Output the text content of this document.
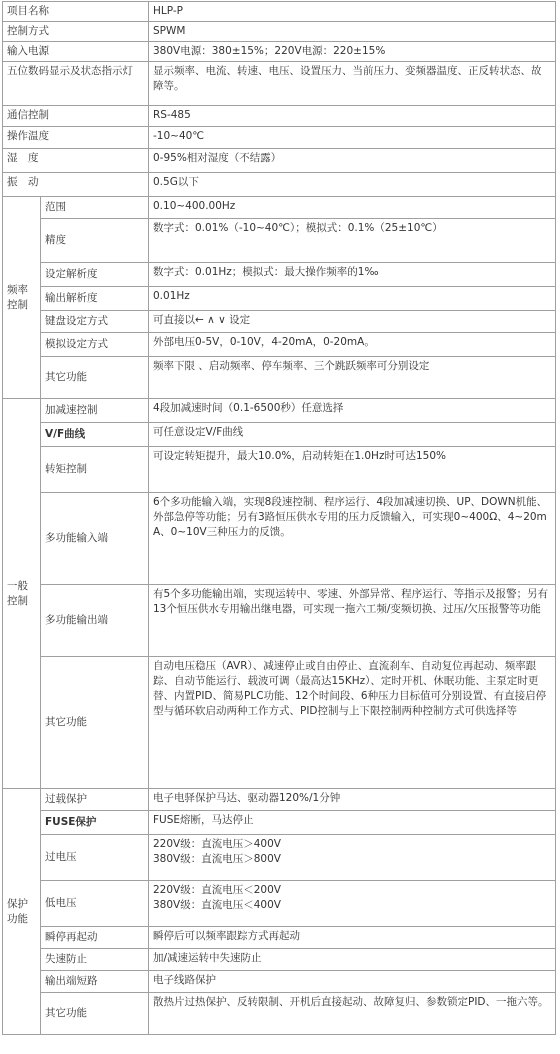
项目名称		HLP-P
控制方式		SPWM
输入电源		380V电源：380±15%；220V电源：220±15%
五位数码显示及状态指示灯		显示频率、电流、转速、电压、设置压力、当前压力、变频器温度、正反转状态、故障等。
通信控制		RS-485
操作温度		-10~40℃
湿　度		0-95%相对湿度（不结露）
振　动		0.5G以下
频率控制	范围	0.10~400.00Hz
	精度	数字式：0.01%（-10~40℃）；模拟式：0.1%（25±10℃）
	设定解析度	数字式：0.01Hz；模拟式：最大操作频率的1‰
	输出解析度	0.01Hz
	键盘设定方式	可直接以← ∧ ∨ 设定
	模拟设定方式	外部电压0-5V，0-10V，4-20mA，0-20mA。
	其它功能	频率下限 、启动频率、停车频率、三个跳跃频率可分别设定
一般控制	加减速控制	4段加减速时间（0.1-6500秒）任意选择
	V/F曲线	可任意设定V/F曲线
	转矩控制	可设定转矩提升，最大10.0%，启动转矩在1.0Hz时可达150%
	多功能输入端	6个多功能输入端，实现8段速控制、程序运行、4段加减速切换、UP、DOWN机能、外部急停等功能；另有3路恒压供水专用的压力反馈输入，可实现0~400Ω、4~20mA、0~10V三种压力的反馈。
	多功能输出端	有5个多功能输出端，实现运转中、零速、外部异常、程序运行、等指示及报警；另有13个恒压供水专用输出继电器，可实现一拖六工频/变频切换、过压/欠压报警等功能
	其它功能	自动电压稳压（AVR）、减速停止或自由停止、直流刹车、自动复位再起动、频率跟踪、自动节能运行、载波可调（最高达15KHz）、定时开机、休眠功能、主泵定时更替、内置PID、简易PLC功能、12个时间段、6种压力目标值可分别设置、有直接启停型与循环软启动两种工作方式、PID控制与上下限控制两种控制方式可供选择等
保护功能	过载保护	电子电驿保护马达、驱动器120%/1分钟
	FUSE保护	FUSE熔断，马达停止
	过电压	220V级：直流电压＞400V
380V级：直流电压＞800V
	低电压	220V级：直流电压＜200V
380V级：直流电压＜400V
	瞬停再起动	瞬停后可以频率跟踪方式再起动
	失速防止	加/减速运转中失速防止
	输出端短路	电子线路保护
	其它功能	散热片过热保护、反转限制、开机后直接起动、故障复归、参数锁定PID、一拖六等。
